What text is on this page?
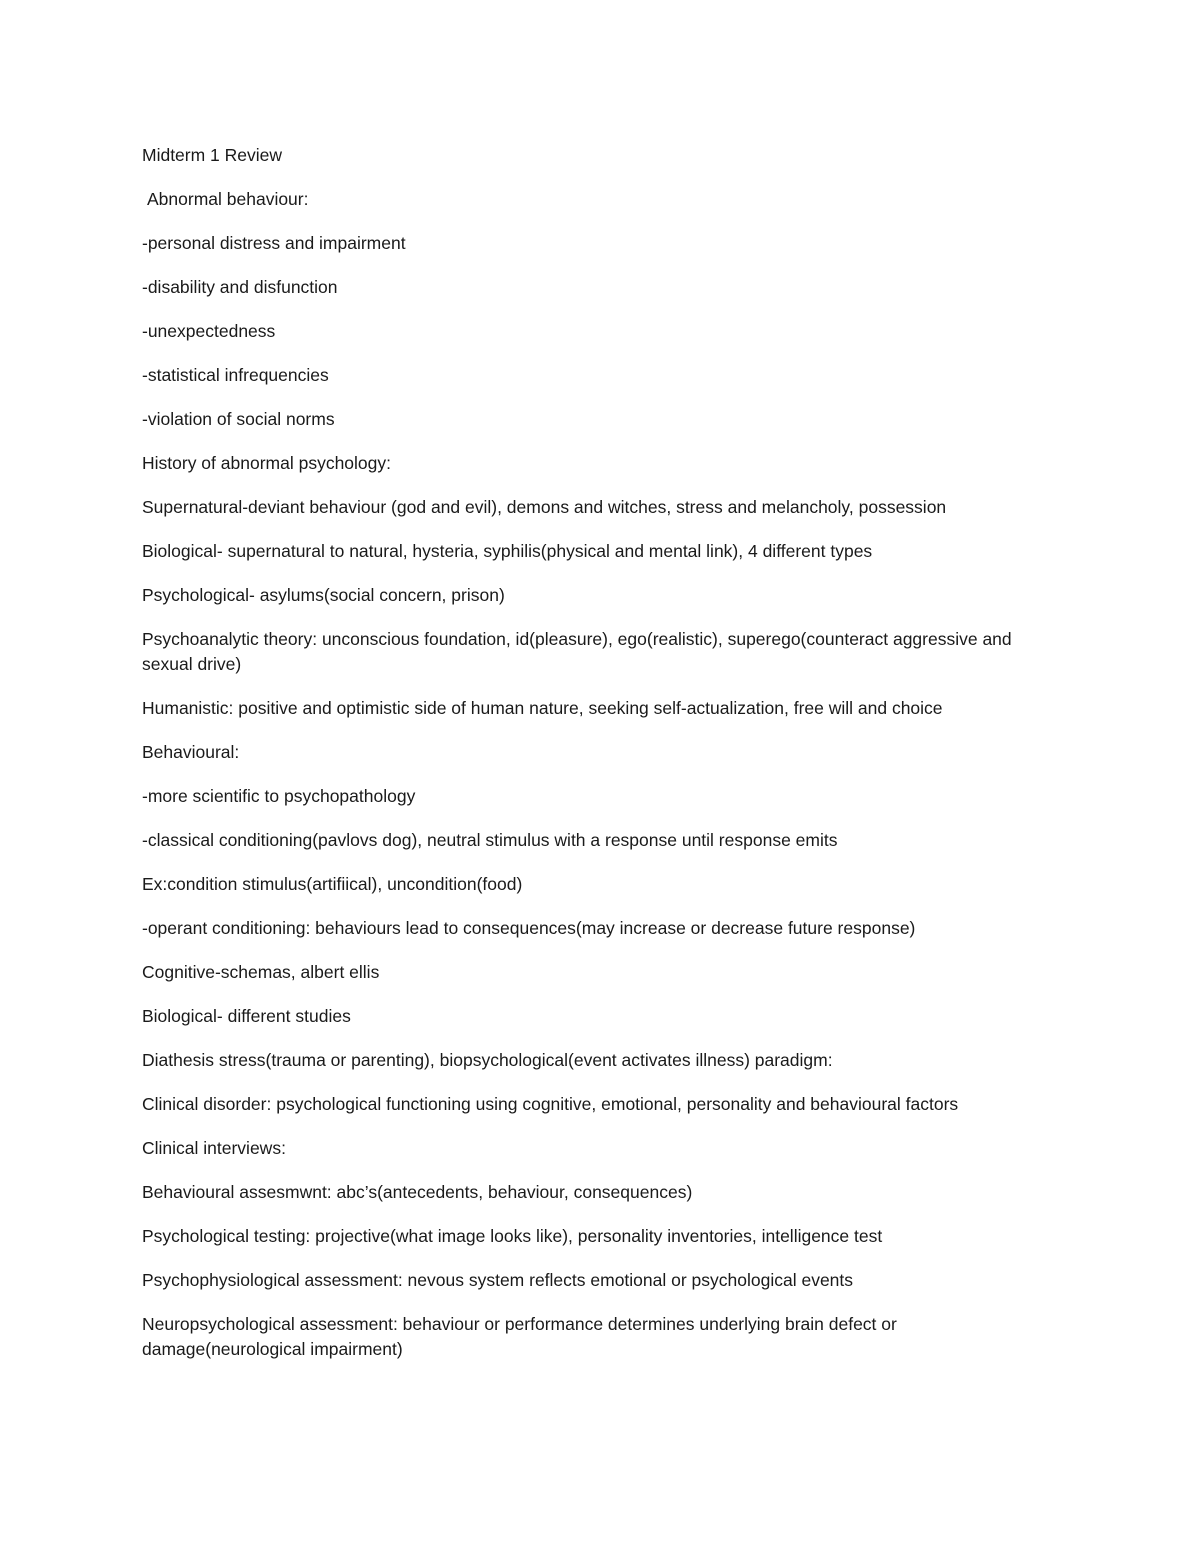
Midterm 1 Review

Abnormal behaviour:

-personal distress and impairment

-disability and disfunction

-unexpectedness

-statistical infrequencies

-violation of social norms

History of abnormal psychology:

Supernatural-deviant behaviour (god and evil), demons and witches, stress and melancholy, possession

Biological- supernatural to natural, hysteria, syphilis(physical and mental link), 4 different types

Psychological- asylums(social concern, prison)

Psychoanalytic theory: unconscious foundation, id(pleasure), ego(realistic), superego(counteract aggressive and sexual drive)

Humanistic: positive and optimistic side of human nature, seeking self-actualization, free will and choice

Behavioural:

-more scientific to psychopathology

-classical conditioning(pavlovs dog), neutral stimulus with a response until response emits

Ex:condition stimulus(artifiical), uncondition(food)

-operant conditioning: behaviours lead to consequences(may increase or decrease future response)

Cognitive-schemas, albert ellis

Biological- different studies

Diathesis stress(trauma or parenting), biopsychological(event activates illness) paradigm:

Clinical disorder: psychological functioning using cognitive, emotional, personality and behavioural factors

Clinical interviews:

Behavioural assesmwnt: abc’s(antecedents, behaviour, consequences)

Psychological testing: projective(what image looks like), personality inventories, intelligence test

Psychophysiological assessment: nevous system reflects emotional or psychological events

Neuropsychological assessment: behaviour or performance determines underlying brain defect or damage(neurological impairment)
